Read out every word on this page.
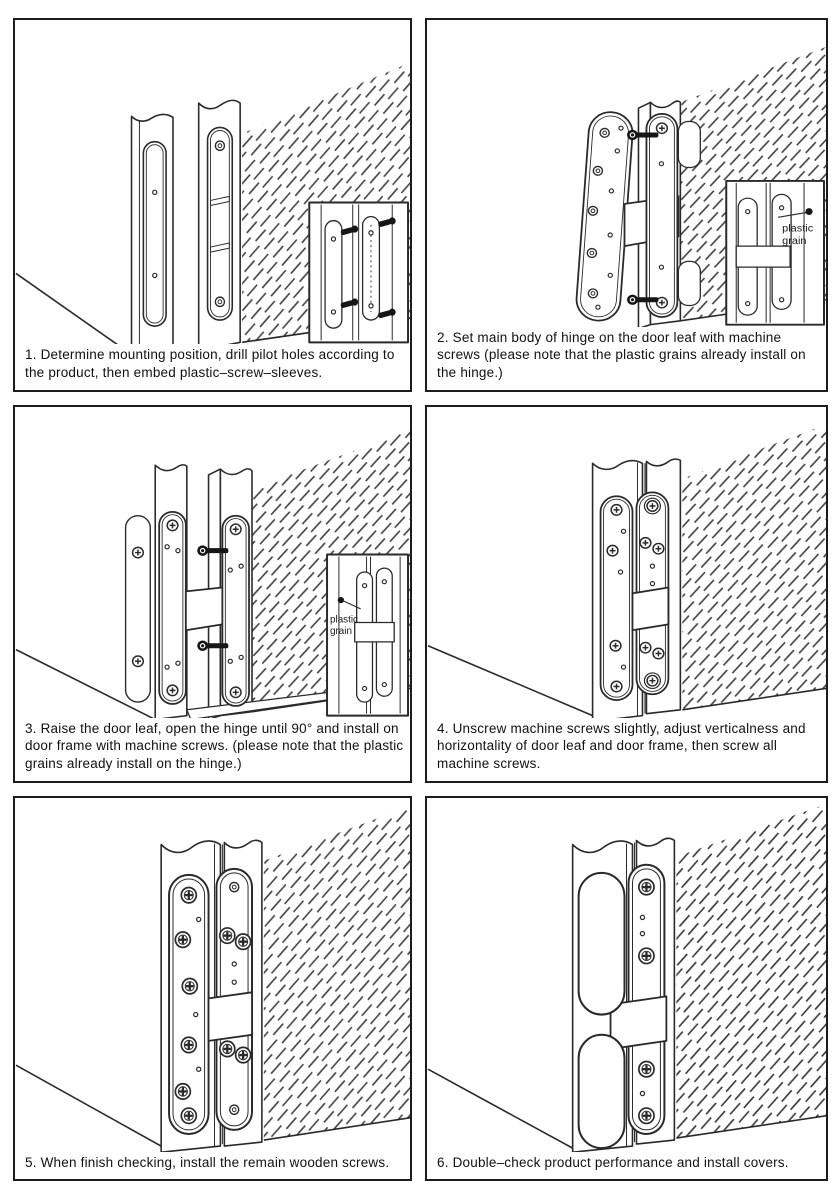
1. Determine mounting position, drill pilot holes according to the product, then embed plastic–screw–sleeves.

plastic
grain

2. Set main body of hinge on the door leaf with machine screws (please note that the plastic grains already install on the hinge.)

plastic
grain

3. Raise the door leaf, open the hinge until 90° and install on door frame with machine screws. (please note that the plastic grains already install on the hinge.)

4. Unscrew machine screws slightly, adjust verticalness and horizontality of door leaf and door frame, then screw all machine screws.

5. When finish checking, install the remain wooden screws.	6. Double–check product performance and install covers.
